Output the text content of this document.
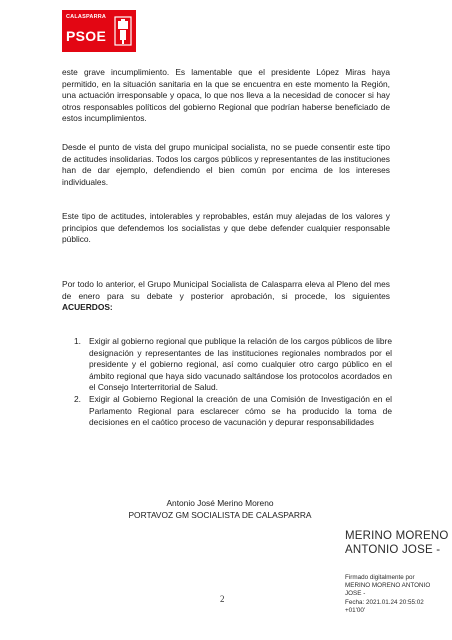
CALASPARRA
PSOE

este grave incumplimiento. Es lamentable que el presidente López Miras haya permitido, en la situación sanitaria en la que se encuentra en este momento la Región, una actuación irresponsable y opaca, lo que nos lleva a la necesidad de conocer si hay otros responsables políticos del gobierno Regional que podrían haberse beneficiado de estos incumplimientos.

Desde el punto de vista del grupo municipal socialista, no se puede consentir este tipo de actitudes insolidarias. Todos los cargos públicos y representantes de las instituciones han de dar ejemplo, defendiendo el bien común por encima de los intereses individuales.

Este tipo de actitudes, intolerables y reprobables, están muy alejadas de los valores y principios que defendemos los socialistas y que debe defender cualquier responsable público.

Por todo lo anterior, el Grupo Municipal Socialista de Calasparra eleva al Pleno del mes de enero para su debate y posterior aprobación, si procede, los siguientes ACUERDOS:

1. Exigir al gobierno regional que publique la relación de los cargos públicos de libre designación y representantes de las instituciones regionales nombrados por el presidente y el gobierno regional, así como cualquier otro cargo público en el ámbito regional que haya sido vacunado saltándose los protocolos acordados en el Consejo Interterritorial de Salud.
2. Exigir al Gobierno Regional la creación de una Comisión de Investigación en el Parlamento Regional para esclarecer cómo se ha producido la toma de decisiones en el caótico proceso de vacunación y depurar responsabilidades
Antonio José Merino Moreno
PORTAVOZ GM SOCIALISTA DE CALASPARRA
MERINO MORENO
ANTONIO JOSE -
Firmado digitalmente por
MERINO MORENO ANTONIO
JOSE -
Fecha: 2021.01.24 20:55:02
+01'00'
2
